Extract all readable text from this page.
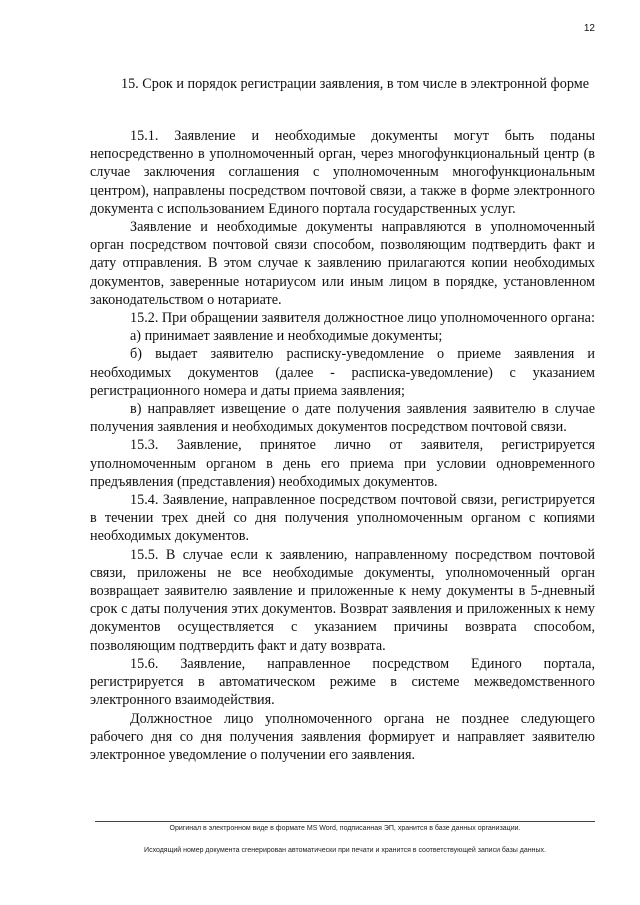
12
15. Срок и порядок регистрации заявления, в том числе в электронной форме

15.1. Заявление и необходимые документы могут быть поданы непосредственно в уполномоченный орган, через многофункциональный центр (в случае заключения соглашения с уполномоченным многофункциональным центром), направлены посредством почтовой связи, а также в форме электронного документа с использованием Единого портала государственных услуг.

Заявление и необходимые документы направляются в уполномоченный орган посредством почтовой связи способом, позволяющим подтвердить факт и дату отправления. В этом случае к заявлению прилагаются копии необходимых документов, заверенные нотариусом или иным лицом в порядке, установленном законодательством о нотариате.

15.2. При обращении заявителя должностное лицо уполномоченного органа:

а) принимает заявление и необходимые документы;

б) выдает заявителю расписку-уведомление о приеме заявления и необходимых документов (далее - расписка-уведомление) с указанием регистрационного номера и даты приема заявления;

в) направляет извещение о дате получения заявления заявителю в случае получения заявления и необходимых документов посредством почтовой связи.

15.3. Заявление, принятое лично от заявителя, регистрируется уполномоченным органом в день его приема при условии одновременного предъявления (представления) необходимых документов.

15.4. Заявление, направленное посредством почтовой связи, регистрируется в течении трех дней со дня получения уполномоченным органом с копиями необходимых документов.

15.5. В случае если к заявлению, направленному посредством почтовой связи, приложены не все необходимые документы, уполномоченный орган возвращает заявителю заявление и приложенные к нему документы в 5-дневный срок с даты получения этих документов. Возврат заявления и приложенных к нему документов осуществляется с указанием причины возврата способом, позволяющим подтвердить факт и дату возврата.

15.6. Заявление, направленное посредством Единого портала, регистрируется в автоматическом режиме в системе межведомственного электронного взаимодействия.

Должностное лицо уполномоченного органа не позднее следующего рабочего дня со дня получения заявления формирует и направляет заявителю электронное уведомление о получении его заявления.

Оригинал в электронном виде в формате MS Word, подписанная ЭП, хранится в базе данных организации.
Исходящий номер документа сгенерирован автоматически при печати и хранится в соответствующей записи базы данных.
